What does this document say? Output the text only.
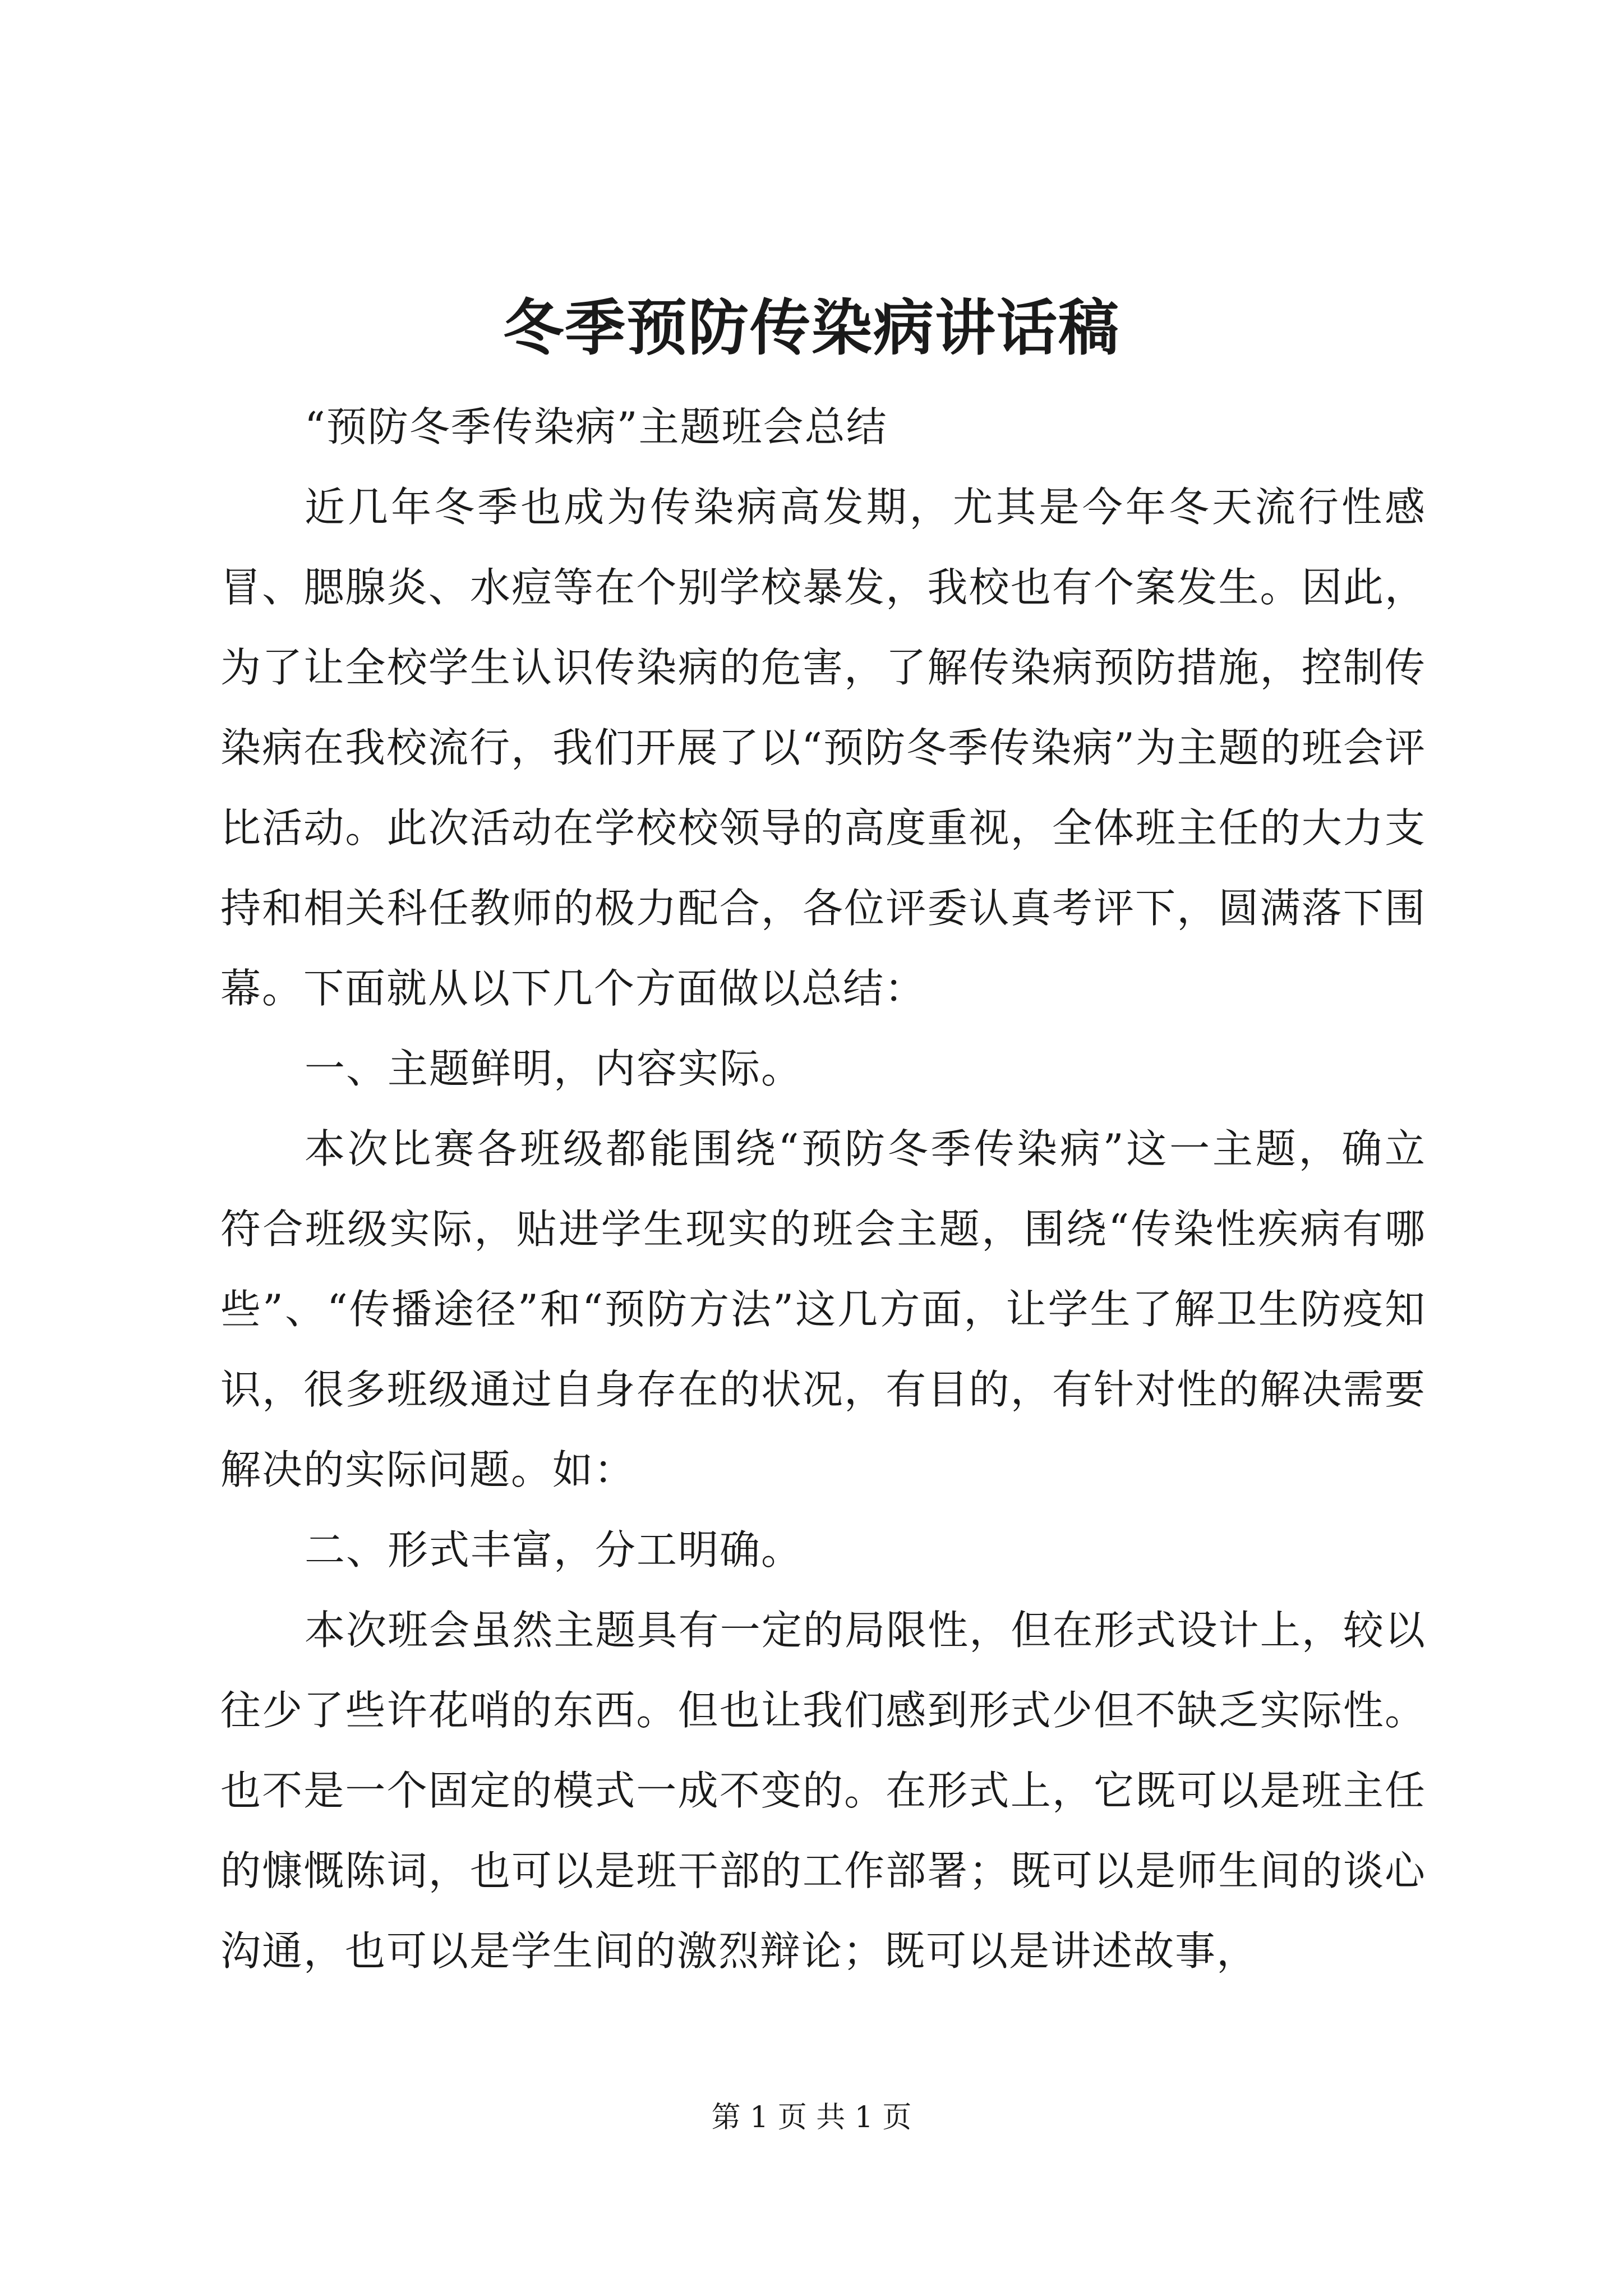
冬季预防传染病讲话稿

“预防冬季传染病”主题班会总结

近几年冬季也成为传染病高发期，尤其是今年冬天流行性感冒、腮腺炎、水痘等在个别学校暴发，我校也有个案发生。因此，为了让全校学生认识传染病的危害，了解传染病预防措施，控制传染病在我校流行，我们开展了以“预防冬季传染病”为主题的班会评比活动。此次活动在学校校领导的高度重视，全体班主任的大力支持和相关科任教师的极力配合，各位评委认真考评下，圆满落下围幕。下面就从以下几个方面做以总结：

一、主题鲜明，内容实际。

本次比赛各班级都能围绕“预防冬季传染病”这一主题，确立符合班级实际，贴进学生现实的班会主题，围绕“传染性疾病有哪些”、“传播途径”和“预防方法”这几方面，让学生了解卫生防疫知识，很多班级通过自身存在的状况，有目的，有针对性的解决需要解决的实际问题。如：

二、形式丰富，分工明确。

本次班会虽然主题具有一定的局限性，但在形式设计上，较以往少了些许花哨的东西。但也让我们感到形式少但不缺乏实际性。也不是一个固定的模式一成不变的。在形式上，它既可以是班主任的慷慨陈词，也可以是班干部的工作部署；既可以是师生间的谈心沟通，也可以是学生间的激烈辩论；既可以是讲述故事，

第 1 页 共 1 页
